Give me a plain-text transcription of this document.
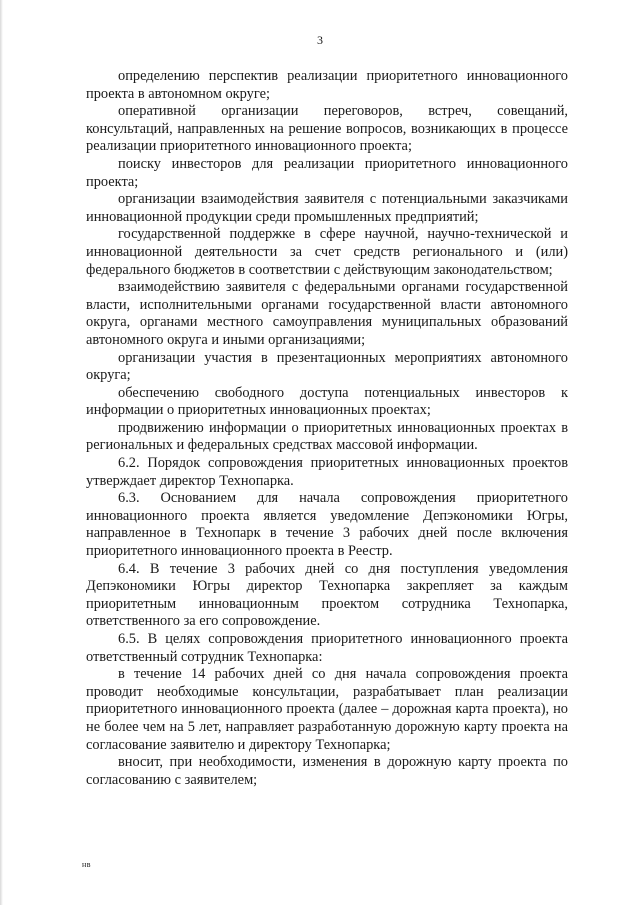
3

определению перспектив реализации приоритетного инновационного проекта в автономном округе;

оперативной организации переговоров, встреч, совещаний, консультаций, направленных на решение вопросов, возникающих в процессе реализации приоритетного инновационного проекта;

поиску инвесторов для реализации приоритетного инновационного проекта;

организации взаимодействия заявителя с потенциальными заказчиками инновационной продукции среди промышленных предприятий;

государственной поддержке в сфере научной, научно-технической и инновационной деятельности за счет средств регионального и (или) федерального бюджетов в соответствии с действующим законодательством;

взаимодействию заявителя с федеральными органами государственной власти, исполнительными органами государственной власти автономного округа, органами местного самоуправления муниципальных образований автономного округа и иными организациями;

организации участия в презентационных мероприятиях автономного округа;

обеспечению свободного доступа потенциальных инвесторов к информации о приоритетных инновационных проектах;

продвижению информации о приоритетных инновационных проектах в региональных и федеральных средствах массовой информации.

6.2. Порядок сопровождения приоритетных инновационных проектов утверждает директор Технопарка.

6.3. Основанием для начала сопровождения приоритетного инновационного проекта является уведомление Депэкономики Югры, направленное в Технопарк в течение 3 рабочих дней после включения приоритетного инновационного проекта в Реестр.

6.4. В течение 3 рабочих дней со дня поступления уведомления Депэкономики Югры директор Технопарка закрепляет за каждым приоритетным инновационным проектом сотрудника Технопарка, ответственного за его сопровождение.

6.5. В целях сопровождения приоритетного инновационного проекта ответственный сотрудник Технопарка:

в течение 14 рабочих дней со дня начала сопровождения проекта проводит необходимые консультации, разрабатывает план реализации приоритетного инновационного проекта (далее – дорожная карта проекта), но не более чем на 5 лет, направляет разработанную дорожную карту проекта на согласование заявителю и директору Технопарка;

вносит, при необходимости, изменения в дорожную карту проекта по согласованию с заявителем;

нв
